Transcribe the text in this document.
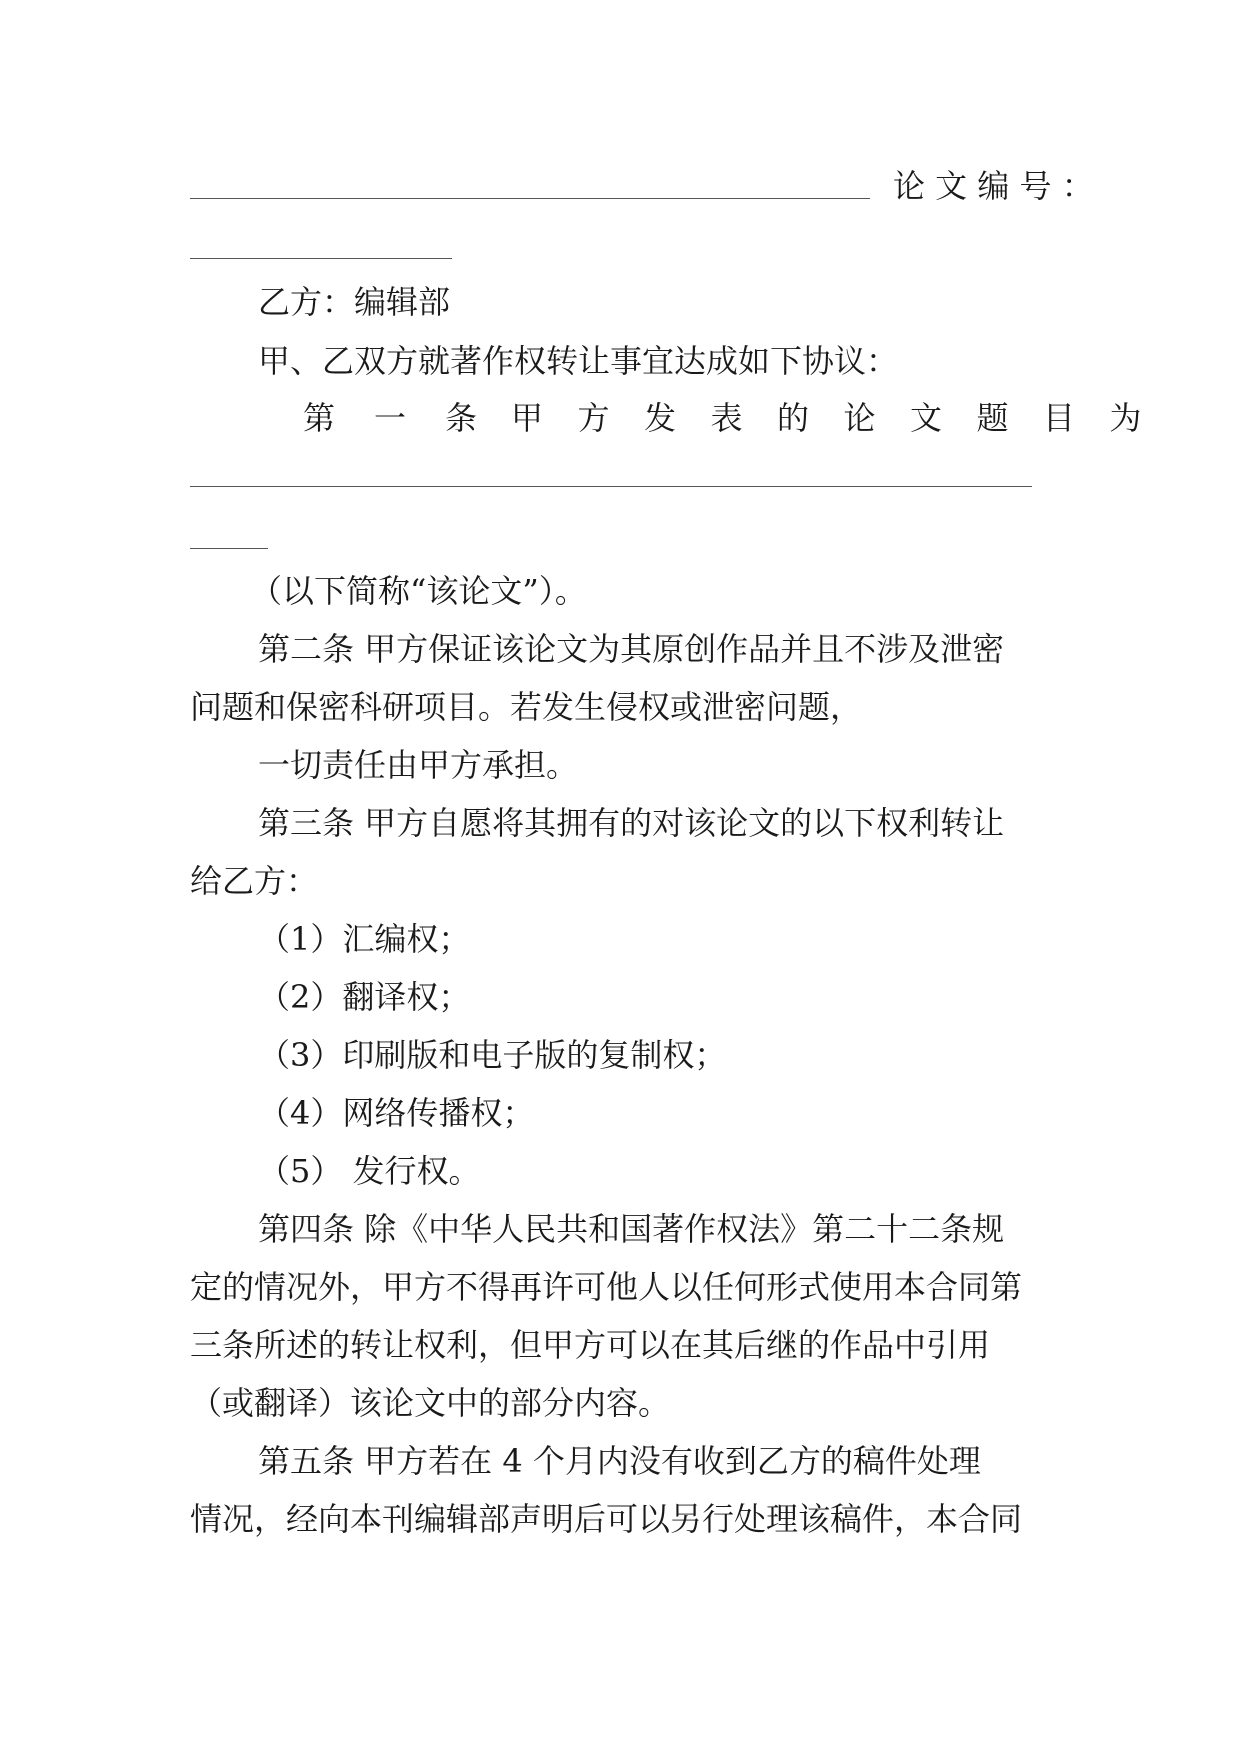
论 文 编 号 ：

乙方：编辑部

甲、乙双方就著作权转让事宜达成如下协议：

第 一 条 甲 方 发 表 的 论 文 题 目 为

（以下简称“该论文”）。

第二条 甲方保证该论文为其原创作品并且不涉及泄密

问题和保密科研项目。若发生侵权或泄密问题，

一切责任由甲方承担。

第三条 甲方自愿将其拥有的对该论文的以下权利转让

给乙方：

（1）汇编权；

（2）翻译权；

（3）印刷版和电子版的复制权；

（4）网络传播权；

（5） 发行权。

第四条 除《中华人民共和国著作权法》第二十二条规

定的情况外，甲方不得再许可他人以任何形式使用本合同第

三条所述的转让权利，但甲方可以在其后继的作品中引用

（或翻译）该论文中的部分内容。

第五条 甲方若在 4 个月内没有收到乙方的稿件处理

情况，经向本刊编辑部声明后可以另行处理该稿件，本合同
